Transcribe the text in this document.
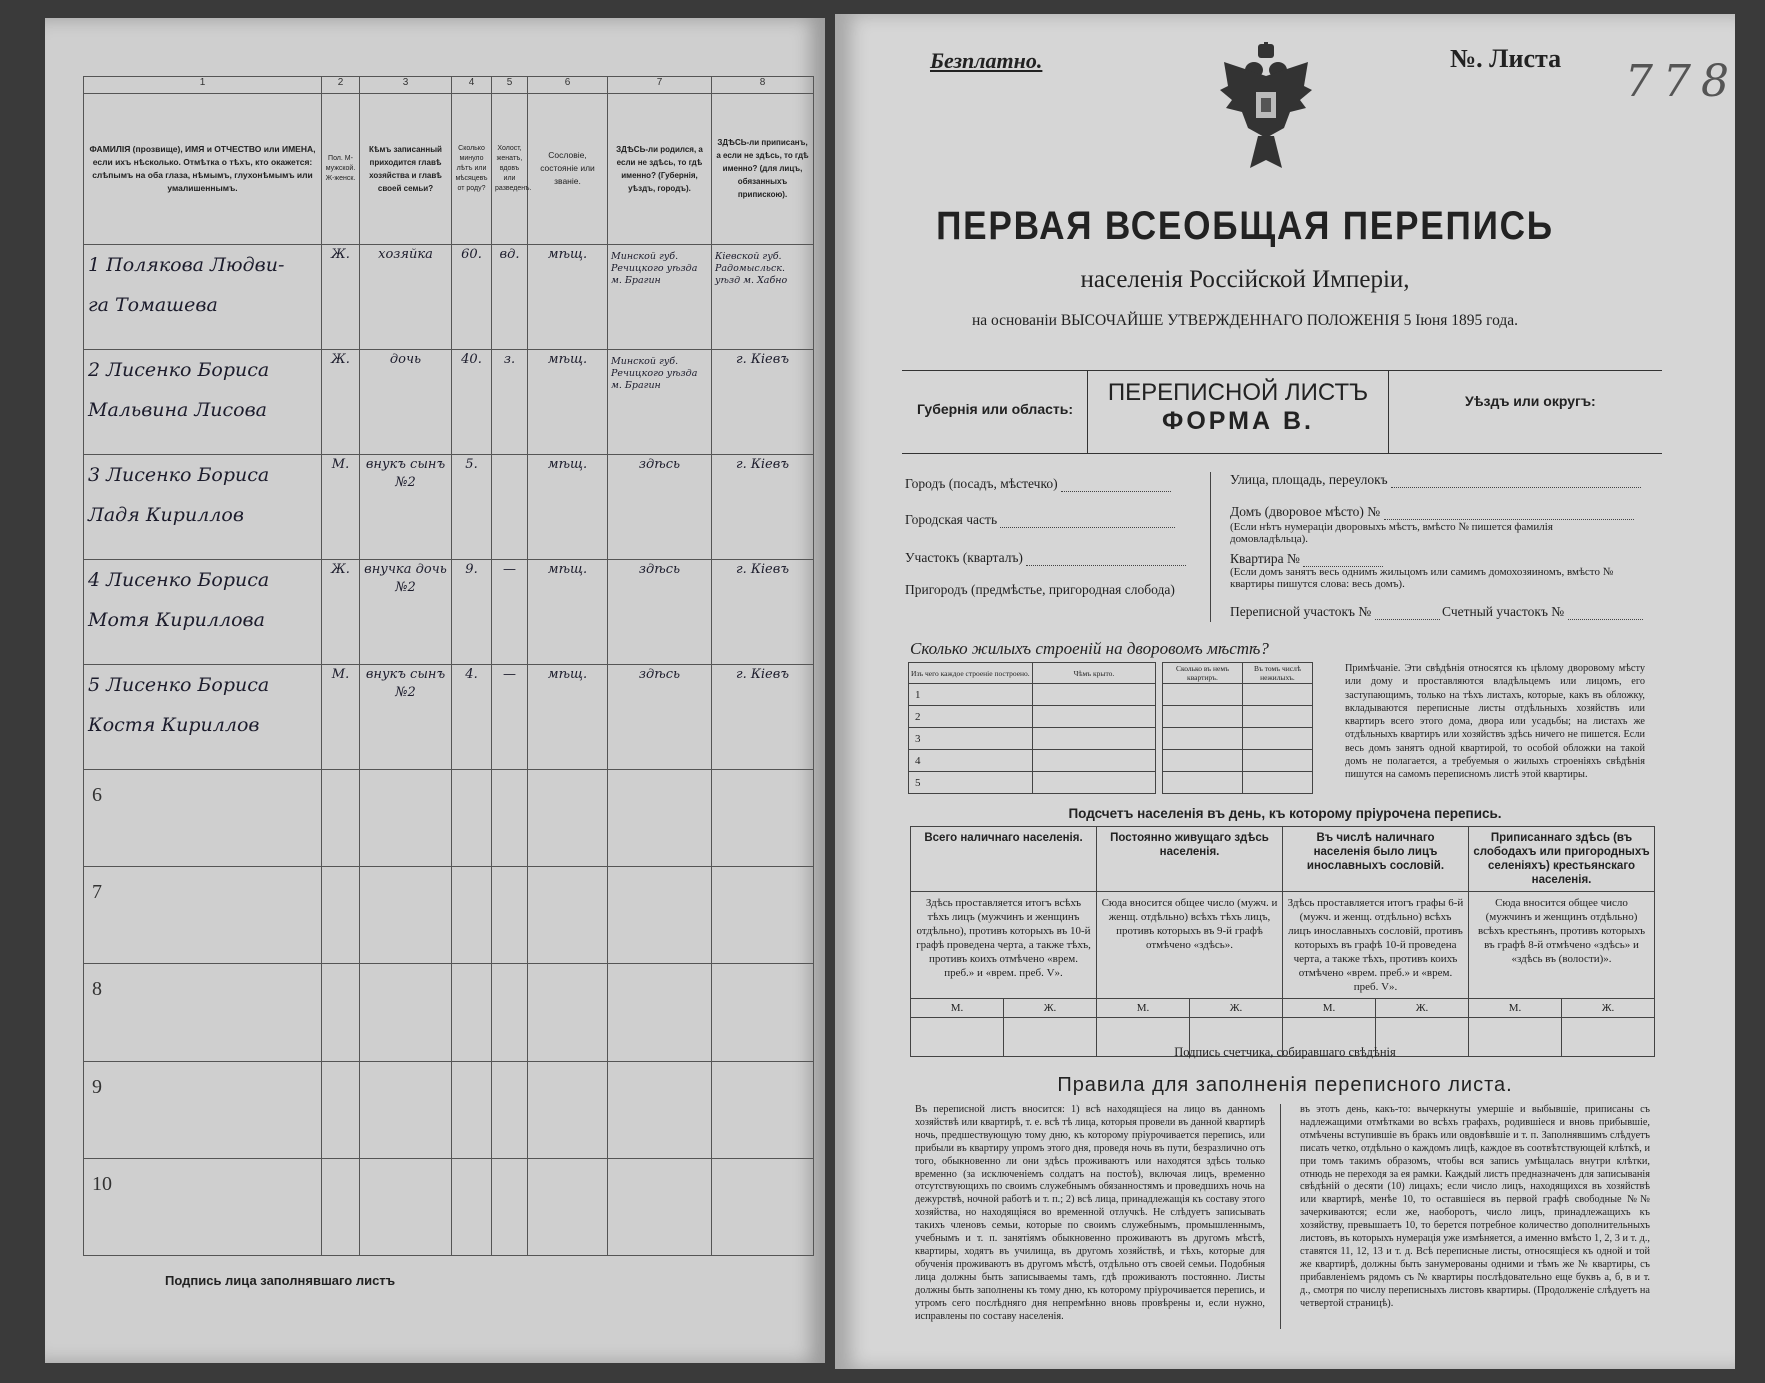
1	2	3	4	5	6	7	8
ФАМИЛІЯ (прозвище), ИМЯ и ОТЧЕСТВО или ИМЕНА, если ихъ нѣсколько. Отмѣтка о тѣхъ, кто окажется: слѣпымъ на оба глаза, нѣмымъ, глухонѣмымъ или умалишеннымъ.	Пол. М-мужской. Ж-женск.	Кѣмъ записанный приходится главѣ хозяйства и главѣ своей семьи?	Сколько минуло лѣтъ или мѣсяцевъ от роду?	Холост, женатъ, вдовъ или разведенъ.	Сословіе, состояніе или званіе.	ЗДѢСЬ-ли родился, а если не здѣсь, то гдѣ именно? (Губернія, уѣздъ, городъ).	ЗДѢСЬ-ли приписанъ, а если не здѣсь, то гдѣ именно? (для лицъ, обязанныхъ припискою).

1 Полякова Людви-
га Томашева	Ж.	хозяйка	60.	вд.	мѣщ.	Минской губ. Речицкого уѣзда м. Брагин	Кіевской губ. Радомысльск. уѣзд м. Хабно

2 Лисенко Бориса
Мальвина Лисова	Ж.	дочь	40.	з.	мѣщ.	Минской губ. Речицкого уѣзда м. Брагин	г. Кіевъ

3 Лисенко Бориса
Ладя Кириллов	М.	внукъ сынъ №2	5.		мѣщ.	здѣсь	г. Кіевъ

4 Лисенко Бориса
Мотя Кириллова	Ж.	внучка дочь №2	9.	—	мѣщ.	здѣсь	г. Кіевъ

5 Лисенко Бориса
Костя Кириллов	М.	внукъ сынъ №2	4.	—	мѣщ.	здѣсь	г. Кіевъ
6							
7							
8							
9							
10							
Подпись лица заполнявшаго листъ
Безплатно.	№. Листа 778
ПЕРВАЯ ВСЕОБЩАЯ ПЕРЕПИСЬ
населенія Россійской Имперіи,
на основаніи ВЫСОЧАЙШЕ УТВЕРЖДЕННАГО ПОЛОЖЕНІЯ 5 Іюня 1895 года.
Губернія или область:
ПЕРЕПИСНОЙ ЛИСТЪ
ФОРМА В.
Уѣздъ или округъ:
Городъ (посадъ, мѣстечко)
Городская часть
Участокъ (кварталъ)
Пригородъ (предмѣстье, пригородная слобода)
Улица, площадь, переулокъ
Домъ (дворовое мѣсто) №
(Если нѣтъ нумераціи дворовыхъ мѣстъ, вмѣсто № пишется фамилія домовладѣльца).
Квартира №
(Если домъ занятъ весь однимъ жильцомъ или самимъ домохозяиномъ, вмѣсто № квартиры пишутся слова: весь домъ).
Переписной участокъ №	Счетный участокъ №
Сколько жилыхъ строеній на дворовомъ мѣстѣ?
Изъ чего каждое строеніе построено.	Чѣмъ крыто.		Сколько въ немъ квартиръ.	Въ томъ числѣ нежилыхъ.
1				
2				
3				
4				
5				
Примѣчаніе. Эти свѣдѣнія относятся къ цѣлому дворовому мѣсту или дому и проставляются владѣльцемъ или лицомъ, его заступающимъ, только на тѣхъ листахъ, которые, какъ въ обложку, вкладываются переписные листы отдѣльныхъ хозяйствъ или квартиръ всего этого дома, двора или усадьбы; на листахъ же отдѣльныхъ квартиръ или хозяйствъ здѣсь ничего не пишется. Если весь домъ занятъ одной квартирой, то особой обложки на такой домъ не полагается, а требуемыя о жилыхъ строеніяхъ свѣдѣнія пишутся на самомъ переписномъ листѣ этой квартиры.
Подсчетъ населенія въ день, къ которому пріурочена перепись.
Всего наличнаго населенія.		Постоянно живущаго здѣсь населенія.		Въ числѣ наличнаго населенія было лицъ инославныхъ сословій.		Приписаннаго здѣсь (въ слободахъ или пригородныхъ селеніяхъ) крестьянскаго населенія.	
Здѣсь проставляется итогъ всѣхъ тѣхъ лицъ (мужчинъ и женщинъ отдѣльно), противъ которыхъ въ 10-й графѣ проведена черта, а также тѣхъ, противъ коихъ отмѣчено «врем. преб.» и «врем. преб. V».		Сюда вносится общее число (мужч. и женщ. отдѣльно) всѣхъ тѣхъ лицъ, противъ которыхъ въ 9-й графѣ отмѣчено «здѣсь».		Здѣсь проставляется итогъ графы 6-й (мужч. и женщ. отдѣльно) всѣхъ лицъ инославныхъ сословій, противъ которыхъ въ графѣ 10-й проведена черта, а также тѣхъ, противъ коихъ отмѣчено «врем. преб.» и «врем. преб. V».		Сюда вносится общее число (мужчинъ и женщинъ отдѣльно) всѣхъ крестьянъ, противъ которыхъ въ графѣ 8-й отмѣчено «здѣсь» и «здѣсь въ (волости)».	
М.	Ж.	М.	Ж.	М.	Ж.	М.	Ж.

Подпись счетчика, собиравшаго свѣдѣнія
Правила для заполненія переписного листа.
Въ переписной листъ вносится: 1) всѣ находящіеся на лицо въ данномъ хозяйствѣ или квартирѣ, т. е. всѣ тѣ лица, которыя провели въ данной квартирѣ ночь, предшествующую тому дню, къ которому пріурочивается перепись, или прибыли въ квартиру упромъ этого дня, проведя ночь въ пути, безразлично отъ того, обыкновенно ли они здѣсь проживаютъ или находятся здѣсь только временно (за исключеніемъ солдатъ на постоѣ), включая лицъ, временно отсутствующихъ по своимъ служебнымъ обязанностямъ и проведшихъ ночь на дежурствѣ, ночной работѣ и т. п.; 2) всѣ лица, принадлежащія къ составу этого хозяйства, но находящіяся во временной отлучкѣ. Не слѣдуетъ записывать такихъ членовъ семьи, которые по своимъ служебнымъ, промышленнымъ, учебнымъ и т. п. занятіямъ обыкновенно проживаютъ въ другомъ мѣстѣ, квартиры, ходятъ въ училища, въ другомъ хозяйствѣ, и тѣхъ, которые для обученія проживаютъ въ другомъ мѣстѣ, отдѣльно отъ своей семьи. Подобныя лица должны быть записываемы тамъ, гдѣ проживаютъ постоянно. Листы должны быть заполнены къ тому дню, къ которому пріурочивается перепись, и утромъ сего послѣдняго дня непремѣнно вновь провѣрены и, если нужно, исправлены по составу населенія.
въ этотъ день, какъ-то: вычеркнуты умершіе и выбывшіе, приписаны съ надлежащими отмѣтками во всѣхъ графахъ, родившіеся и вновь прибывшіе, отмѣчены вступившіе въ бракъ или овдовѣвшіе и т. п. Заполнявшимъ слѣдуетъ писать четко, отдѣльно о каждомъ лицѣ, каждое въ соотвѣтствующей клѣткѣ, и при томъ такимъ образомъ, чтобы вся запись умѣщалась внутри клѣтки, отнюдь не переходя за ея рамки. Каждый листъ предназначенъ для записыванія свѣдѣній о десяти (10) лицахъ; если число лицъ, находящихся въ хозяйствѣ или квартирѣ, менѣе 10, то оставшіеся въ первой графѣ свободные №№ зачеркиваются; если же, наоборотъ, число лицъ, принадлежащихъ къ хозяйству, превышаетъ 10, то берется потребное количество дополнительныхъ листовъ, въ которыхъ нумерація уже измѣняется, а именно вмѣсто 1, 2, 3 и т. д., ставятся 11, 12, 13 и т. д. Всѣ переписные листы, относящіеся къ одной и той же квартирѣ, должны быть занумерованы одними и тѣмъ же № квартиры, съ прибавленіемъ рядомъ съ № квартиры послѣдовательно еще буквъ а, б, в и т. д., смотря по числу переписныхъ листовъ квартиры. (Продолженіе слѣдуетъ на четвертой страницѣ).
